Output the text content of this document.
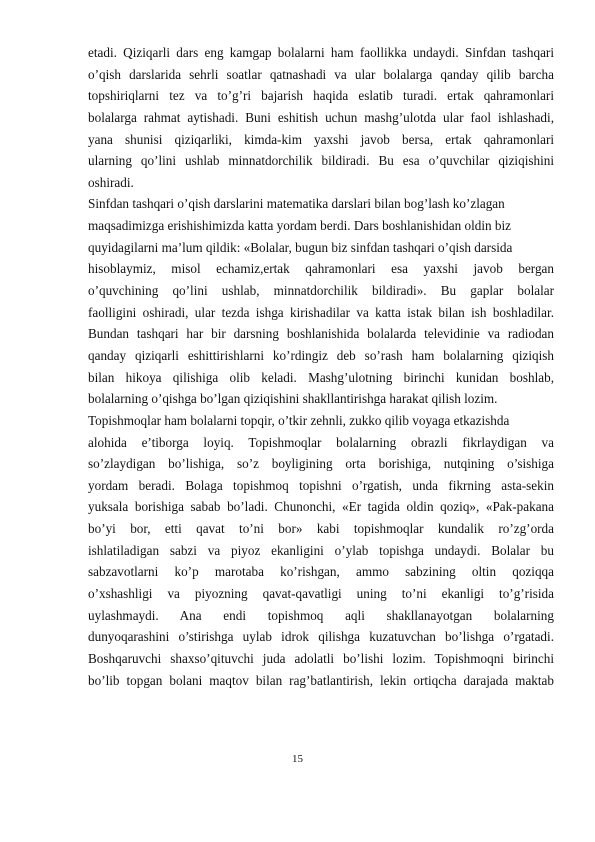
etadi. Qiziqarli dars eng kamgap bolalarni ham faollikka undaydi. Sinfdan tashqari
o’qish darslarida sehrli soatlar qatnashadi va ular bolalarga qanday qilib barcha
topshiriqlarni tez va to’g’ri bajarish haqida eslatib turadi. ertak qahramonlari
bolalarga rahmat aytishadi. Buni eshitish uchun mashg’ulotda ular faol ishlashadi,
yana shunisi qiziqarliki, kimda-kim yaxshi javob bersa, ertak qahramonlari
ularning qo’lini ushlab minnatdorchilik bildiradi. Bu esa o’quvchilar qiziqishini
oshiradi.
Sinfdan tashqari o’qish darslarini matematika darslari bilan bog’lash ko’zlagan
maqsadimizga erishishimizda katta yordam berdi. Dars boshlanishidan oldin biz
quyidagilarni ma’lum qildik: «Bolalar, bugun biz sinfdan tashqari o’qish darsida
hisoblaymiz, misol echamiz,ertak qahramonlari esa yaxshi javob bergan
o’quvchining qo’lini ushlab, minnatdorchilik bildiradi». Bu gaplar bolalar
faolligini oshiradi, ular tezda ishga kirishadilar va katta istak bilan ish boshladilar.
Bundan tashqari har bir darsning boshlanishida bolalarda televidinie va radiodan
qanday qiziqarli eshittirishlarni ko’rdingiz deb so’rash ham bolalarning qiziqish
bilan hikoya qilishiga olib keladi. Mashg’ulotning birinchi kunidan boshlab,
bolalarning o’qishga bo’lgan qiziqishini shakllantirishga harakat qilish lozim.
Topishmoqlar ham bolalarni topqir, o’tkir zehnli, zukko qilib voyaga etkazishda
alohida e’tiborga loyiq. Topishmoqlar bolalarning obrazli fikrlaydigan va
so’zlaydigan bo’lishiga, so’z boyligining orta borishiga, nutqining o’sishiga
yordam beradi. Bolaga topishmoq topishni o’rgatish, unda fikrning asta-sekin
yuksala borishiga sabab bo’ladi. Chunonchi, «Er tagida oldin qoziq», «Pak-pakana
bo’yi bor, etti qavat to’ni bor» kabi topishmoqlar kundalik ro’zg’orda
ishlatiladigan sabzi va piyoz ekanligini o’ylab topishga undaydi. Bolalar bu
sabzavotlarni ko’p marotaba ko’rishgan, ammo sabzining oltin qoziqqa
o’xshashligi va piyozning qavat-qavatligi uning to’ni ekanligi to’g’risida
uylashmaydi. Ana endi topishmoq aqli shakllanayotgan bolalarning
dunyoqarashini o’stirishga uylab idrok qilishga kuzatuvchan bo’lishga o’rgatadi.
Boshqaruvchi shaxso’qituvchi juda adolatli bo’lishi lozim. Topishmoqni birinchi
bo’lib topgan bolani maqtov bilan rag’batlantirish, lekin ortiqcha darajada maktab
15
